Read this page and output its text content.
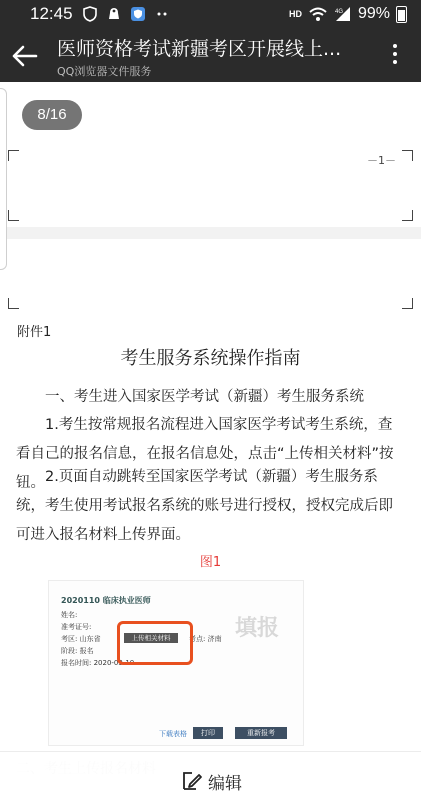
12:45	HD	4G 99%
医师资格考试新疆考区开展线上...
QQ浏览器文件服务
8/16
－1－
附件1
考生服务系统操作指南
一、考生进入国家医学考试（新疆）考生服务系统
1.考生按常规报名流程进入国家医学考试考生系统，查看自己的报名信息，在报名信息处，点击“上传相关材料”按钮。 2.页面自动跳转至国家医学考试（新疆）考生服务系统，考生使用考试报名系统的账号进行授权，授权完成后即可进入报名材料上传界面。
图1
2020110 临床执业医师
姓名:
准考证号:
考区: 山东省	上传相关材料	考点: 济南
阶段: 报名
报名时间: 2020-03-10
填报
下载表格	打印	重新报考
编辑
